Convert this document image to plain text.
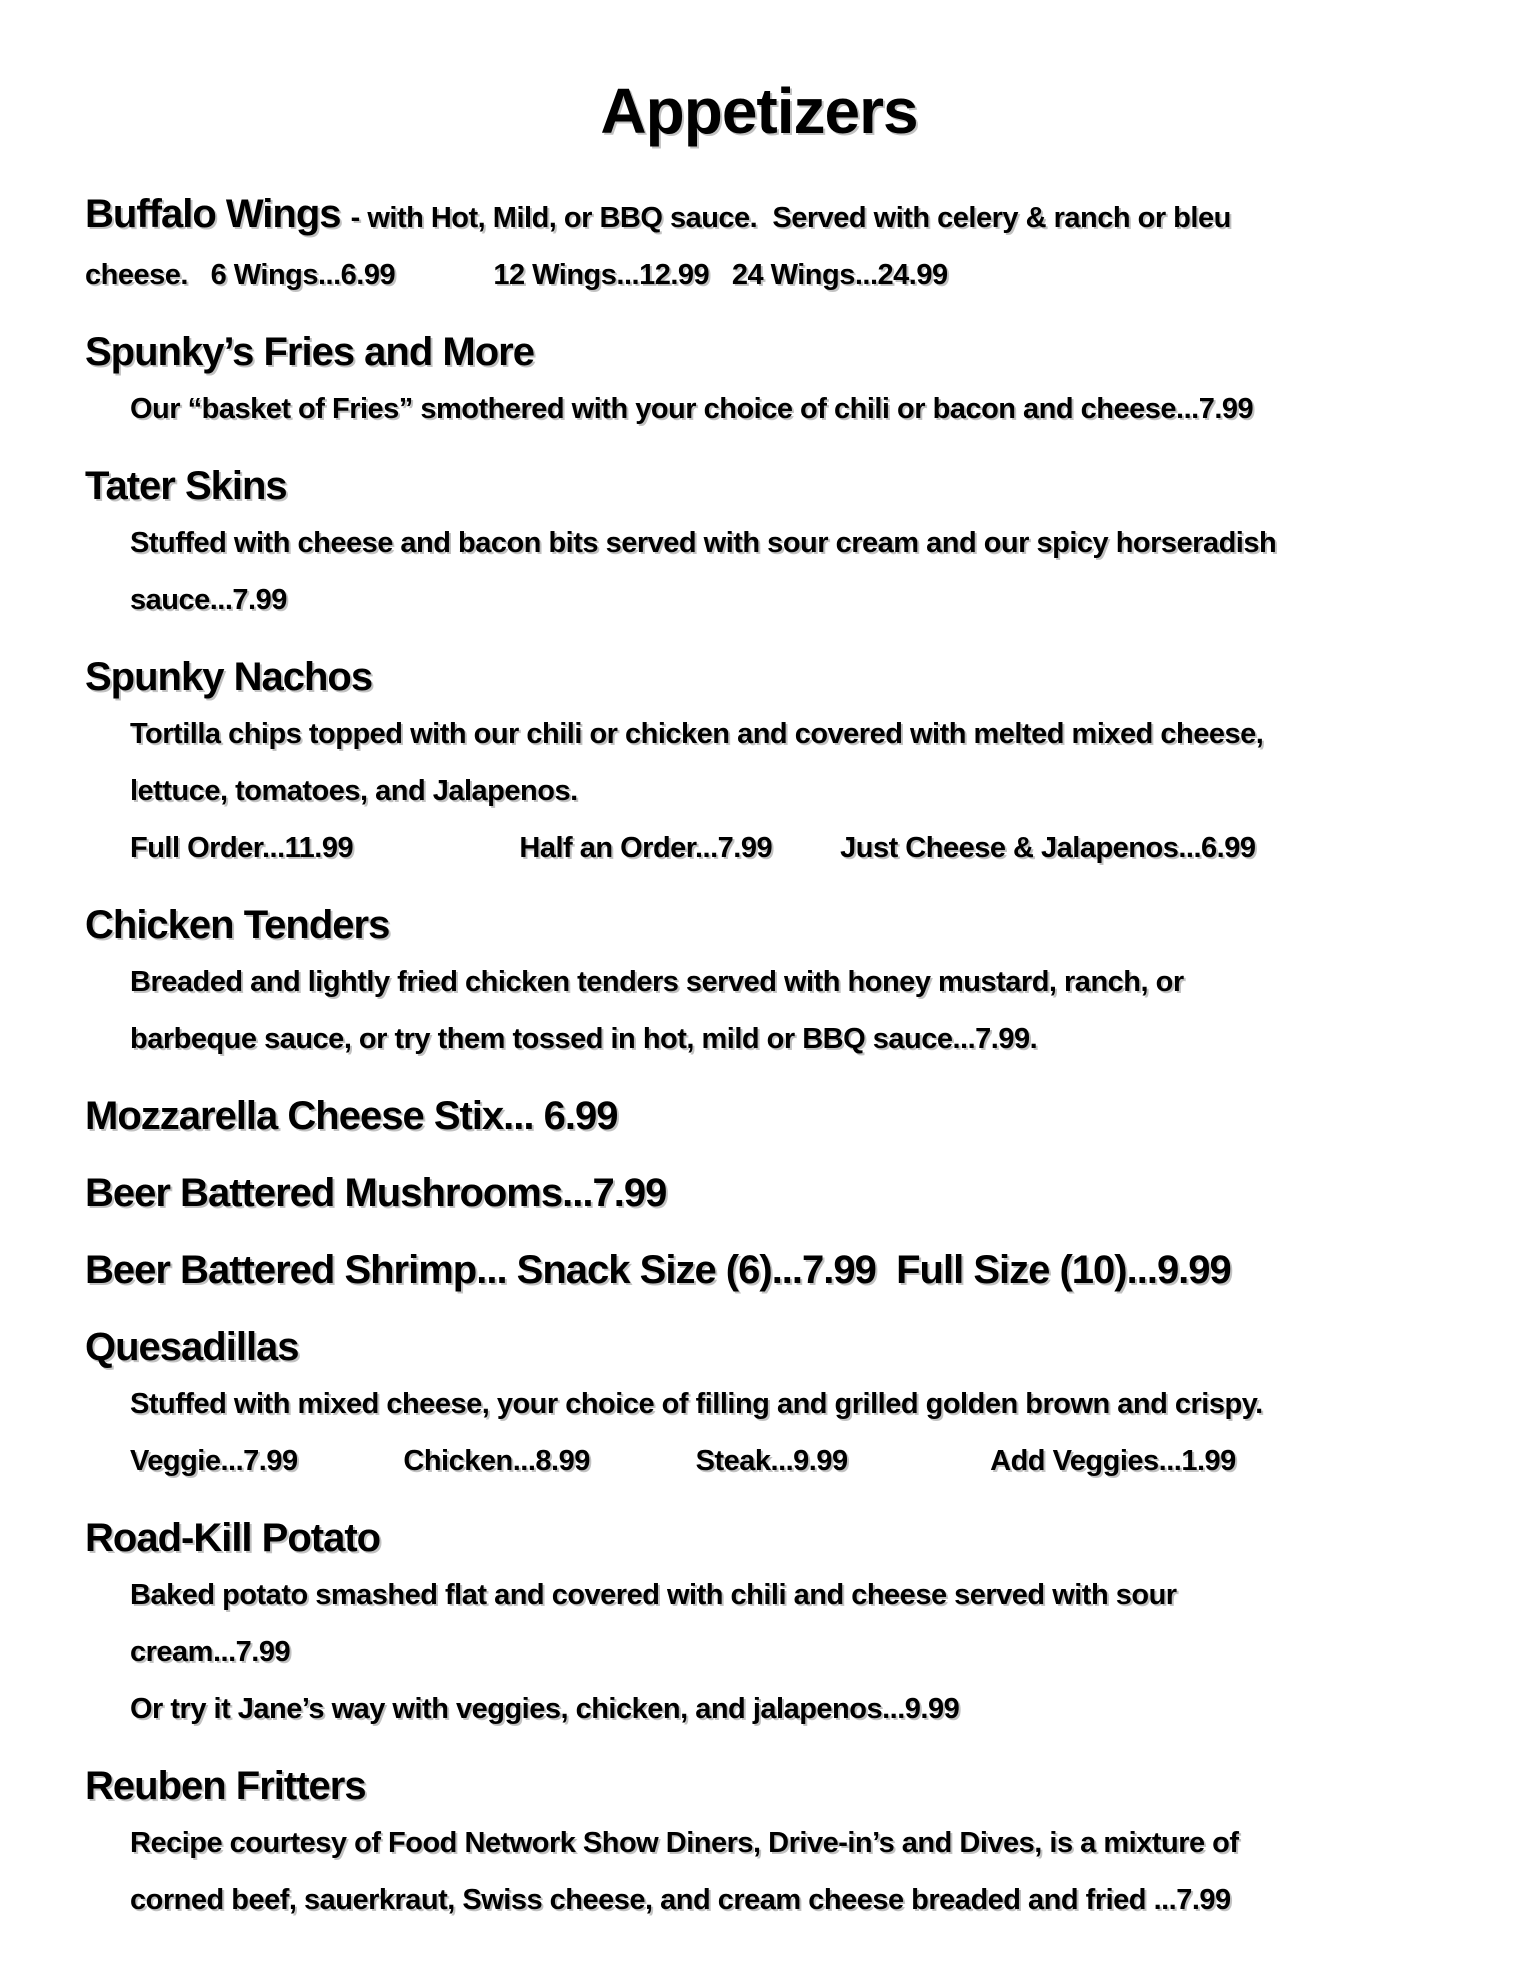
Appetizers
Buffalo Wings - with Hot, Mild, or BBQ sauce.  Served with celery & ranch or bleu
cheese.   6 Wings...6.99             12 Wings...12.99   24 Wings...24.99
Spunky’s Fries and More
Our “basket of Fries” smothered with your choice of chili or bacon and cheese...7.99
Tater Skins
Stuffed with cheese and bacon bits served with sour cream and our spicy horseradish
sauce...7.99
Spunky Nachos
Tortilla chips topped with our chili or chicken and covered with melted mixed cheese,
lettuce, tomatoes, and Jalapenos.
Full Order...11.99                      Half an Order...7.99         Just Cheese & Jalapenos...6.99
Chicken Tenders
Breaded and lightly fried chicken tenders served with honey mustard, ranch, or
barbeque sauce, or try them tossed in hot, mild or BBQ sauce...7.99.
Mozzarella Cheese Stix... 6.99
Beer Battered Mushrooms...7.99
Beer Battered Shrimp... Snack Size (6)...7.99  Full Size (10)...9.99
Quesadillas
Stuffed with mixed cheese, your choice of filling and grilled golden brown and crispy.
Veggie...7.99              Chicken...8.99              Steak...9.99                   Add Veggies...1.99
Road-Kill Potato
Baked potato smashed flat and covered with chili and cheese served with sour
cream...7.99
Or try it Jane’s way with veggies, chicken, and jalapenos...9.99
Reuben Fritters
Recipe courtesy of Food Network Show Diners, Drive-in’s and Dives, is a mixture of
corned beef, sauerkraut, Swiss cheese, and cream cheese breaded and fried ...7.99
